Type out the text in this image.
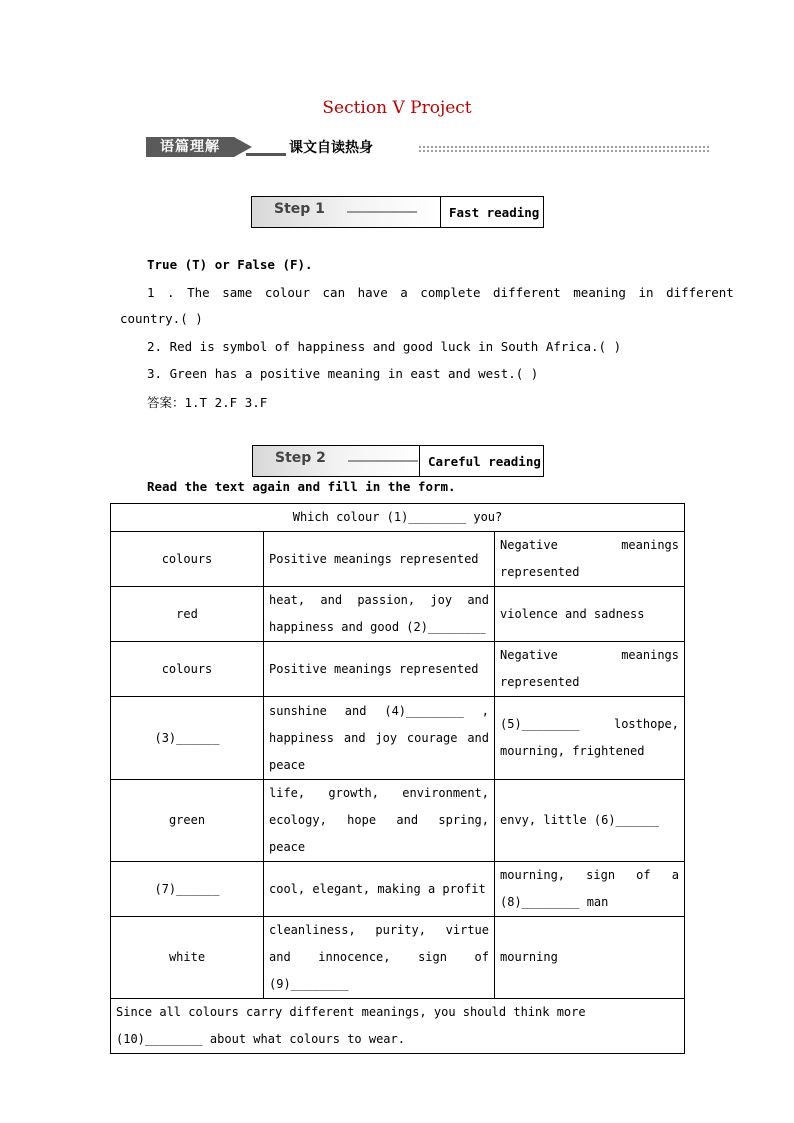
Section V Project
语篇理解	课文自读热身
Step 1	Fast reading
True (T) or False (F).
1 . The same colour can have a complete different meaning in different
country.( )
2. Red is symbol of happiness and good luck in South Africa.( )
3. Green has a positive meaning in east and west.( )
答案：1.T 2.F 3.F
Step 2	Careful reading
Read the text again and fill in the form.
Which colour (1)________ you?		
colours	Positive meanings represented	Negative meanings represented
red	heat, and passion, joy and happiness and good (2)________	violence and sadness
colours	Positive meanings represented	Negative meanings represented
(3)______	sunshine and (4)________ , happiness and joy courage and peace	(5)________ losthope, mourning, frightened
green	life, growth, environment, ecology, hope and spring, peace	envy, little (6)______
(7)______	cool, elegant, making a profit	mourning, sign of a (8)________ man
white	cleanliness, purity, virtue and innocence, sign of (9)________	mourning
Since all colours carry different meanings, you should think more (10)________ about what colours to wear.		
